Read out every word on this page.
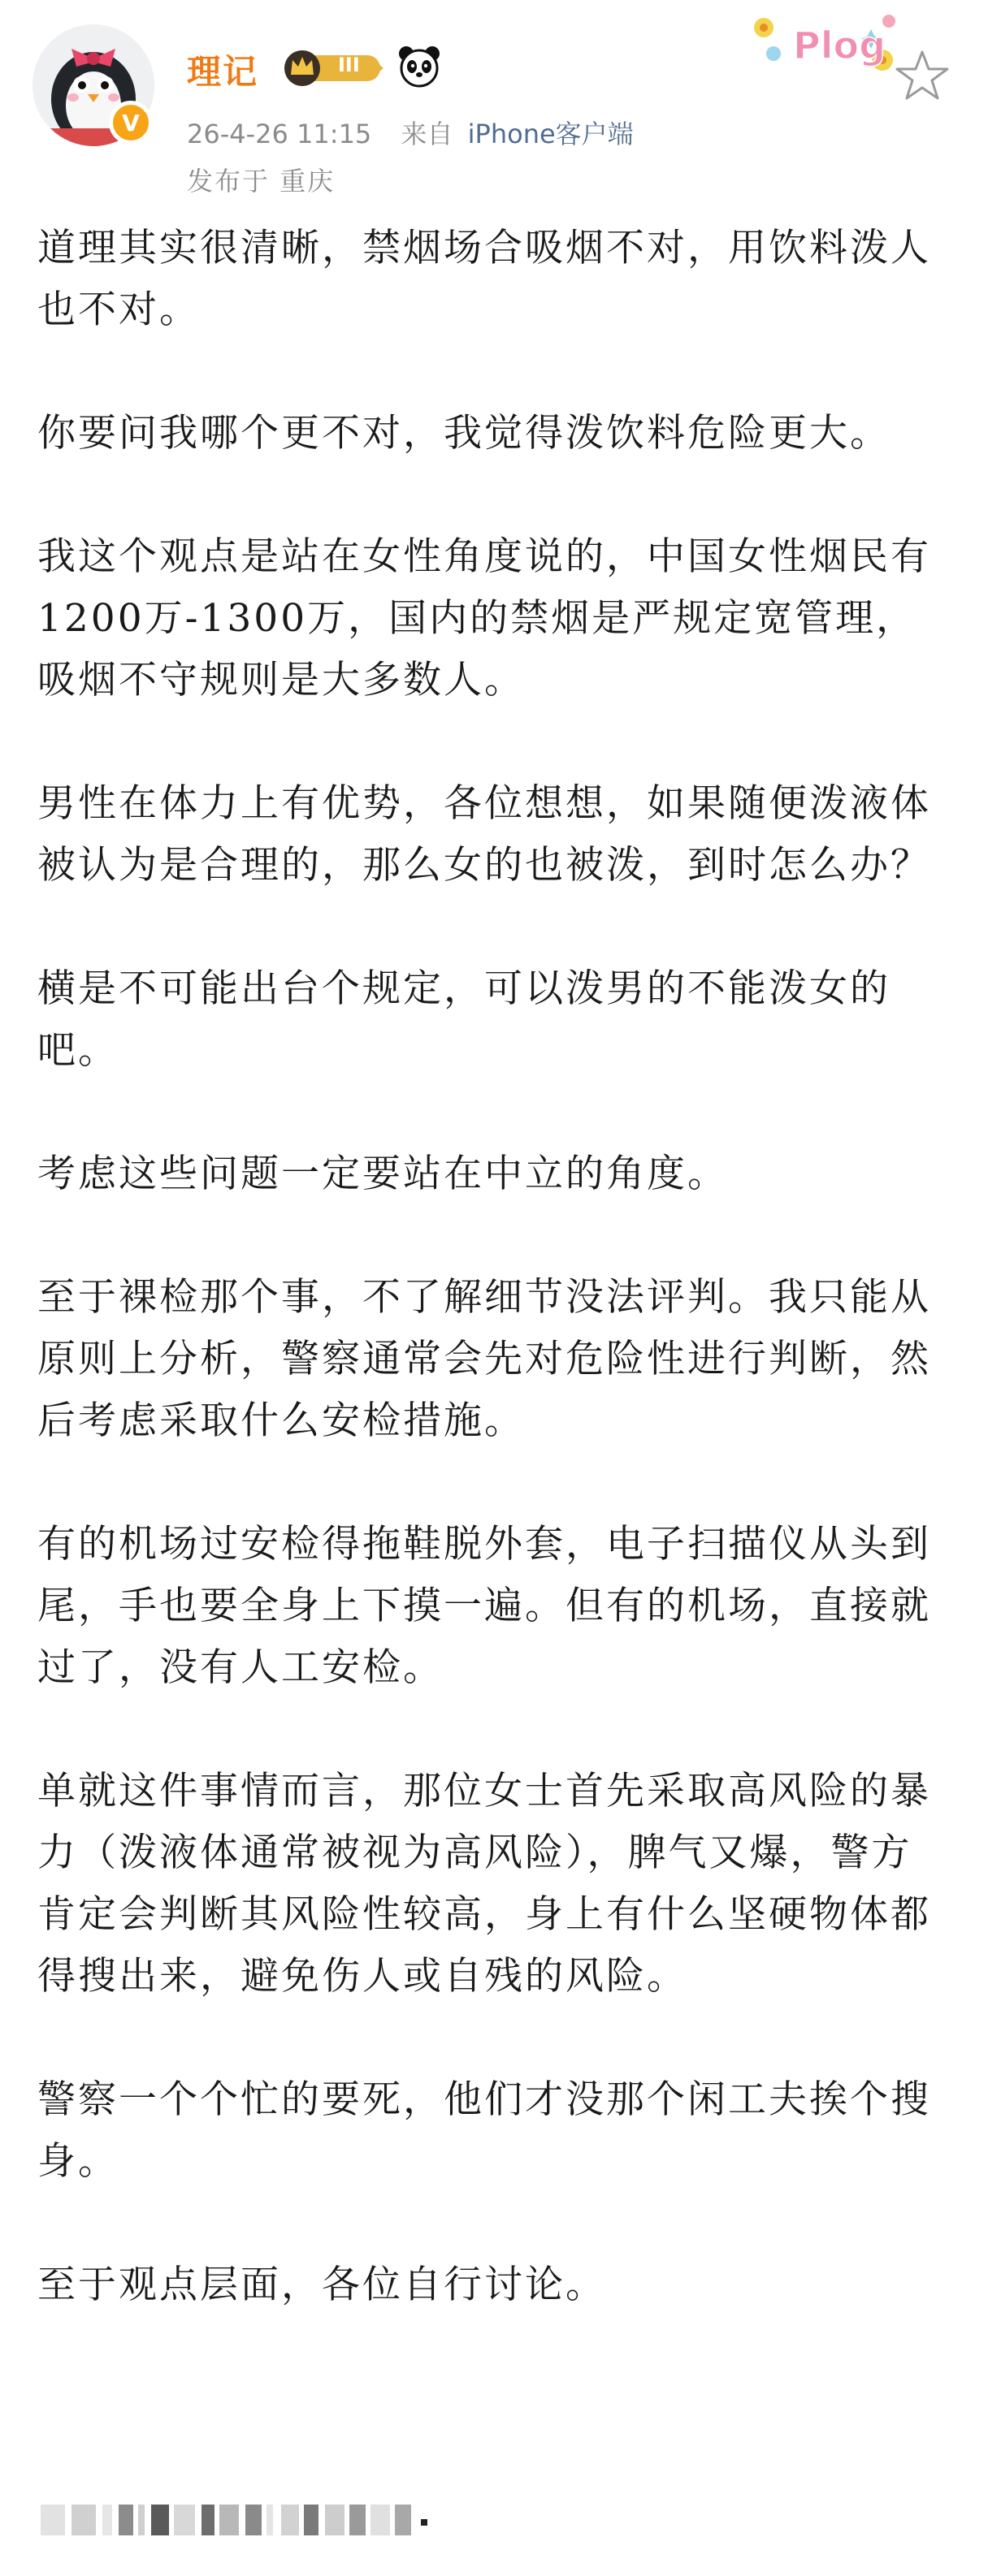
V
理记	III
26-4-26 11:15 来自 iPhone客户端
发布于 重庆
Plog

道理其实很清晰，禁烟场合吸烟不对，用饮料泼人也不对。

你要问我哪个更不对，我觉得泼饮料危险更大。

我这个观点是站在女性角度说的，中国女性烟民有1200万-1300万，国内的禁烟是严规定宽管理，吸烟不守规则是大多数人。

男性在体力上有优势，各位想想，如果随便泼液体被认为是合理的，那么女的也被泼，到时怎么办？

横是不可能出台个规定，可以泼男的不能泼女的吧。

考虑这些问题一定要站在中立的角度。

至于裸检那个事，不了解细节没法评判。我只能从原则上分析，警察通常会先对危险性进行判断，然后考虑采取什么安检措施。

有的机场过安检得拖鞋脱外套，电子扫描仪从头到尾，手也要全身上下摸一遍。但有的机场，直接就过了，没有人工安检。

单就这件事情而言，那位女士首先采取高风险的暴力（泼液体通常被视为高风险），脾气又爆，警方肯定会判断其风险性较高，身上有什么坚硬物体都得搜出来，避免伤人或自残的风险。

警察一个个忙的要死，他们才没那个闲工夫挨个搜身。

至于观点层面，各位自行讨论。
